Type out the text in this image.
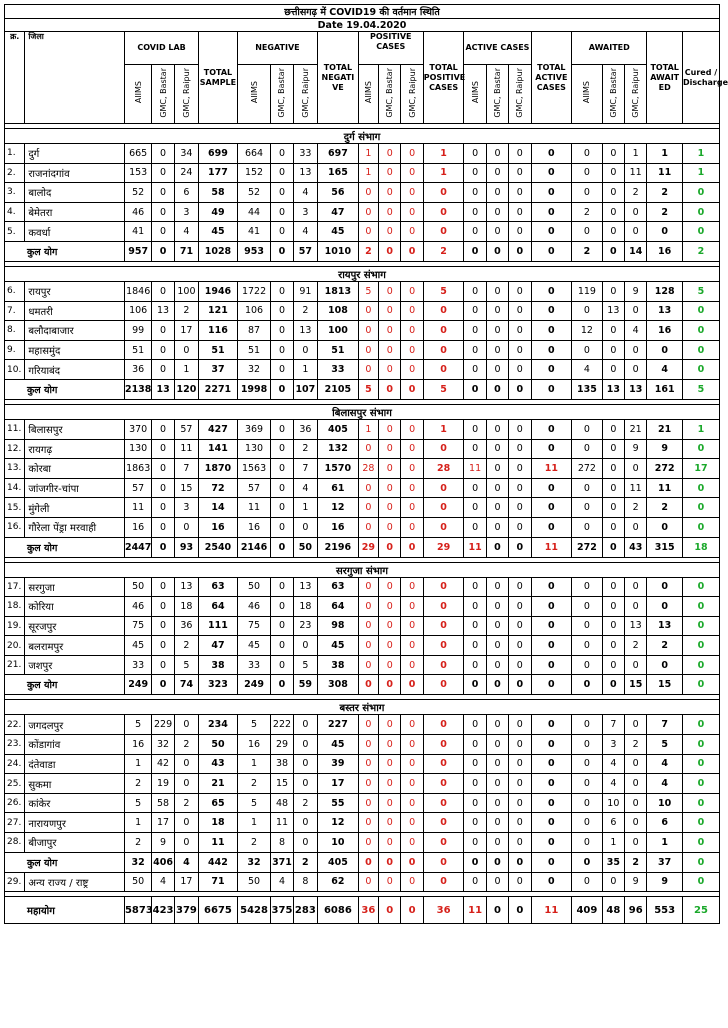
छत्तीसगढ़ में COVID19 की वर्तमान स्थिति																						
Date 19.04.2020																						
क्र.	जिला	COVID LAB			TOTAL SAMPLE	NEGATIVE			TOTAL NEGATI VE	POSITIVE CASES			TOTAL POSITIVE CASES	ACTIVE CASES			TOTAL ACTIVE CASES	AWAITED			TOTAL AWAIT ED	Cured / Discharge
		AIIMS	GMC, Bastar	GMC, Raipur		AIIMS	GMC, Bastar	GMC, Raipur		AIIMS	GMC, Bastar	GMC, Raipur		AIIMS	GMC, Bastar	GMC, Raipur		AIIMS	GMC, Bastar	GMC, Raipur		

दुर्ग संभाग																						
1.	दुर्ग	665	0	34	699	664	0	33	697	1	0	0	1	0	0	0	0	0	0	1	1	1
2.	राजनांदगांव	153	0	24	177	152	0	13	165	1	0	0	1	0	0	0	0	0	0	11	11	1
3.	बालोद	52	0	6	58	52	0	4	56	0	0	0	0	0	0	0	0	0	0	2	2	0
4.	बेमेतरा	46	0	3	49	44	0	3	47	0	0	0	0	0	0	0	0	2	0	0	2	0
5.	कवर्धा	41	0	4	45	41	0	4	45	0	0	0	0	0	0	0	0	0	0	0	0	0
कुल योग		957	0	71	1028	953	0	57	1010	2	0	0	2	0	0	0	0	2	0	14	16	2

रायपुर संभाग																						
6.	रायपुर	1846	0	100	1946	1722	0	91	1813	5	0	0	5	0	0	0	0	119	0	9	128	5
7.	धमतरी	106	13	2	121	106	0	2	108	0	0	0	0	0	0	0	0	0	13	0	13	0
8.	बलौदाबाजार	99	0	17	116	87	0	13	100	0	0	0	0	0	0	0	0	12	0	4	16	0
9.	महासमुंद	51	0	0	51	51	0	0	51	0	0	0	0	0	0	0	0	0	0	0	0	0
10.	गरियाबंद	36	0	1	37	32	0	1	33	0	0	0	0	0	0	0	0	4	0	0	4	0
कुल योग		2138	13	120	2271	1998	0	107	2105	5	0	0	5	0	0	0	0	135	13	13	161	5

बिलासपुर संभाग																						
11.	बिलासपुर	370	0	57	427	369	0	36	405	1	0	0	1	0	0	0	0	0	0	21	21	1
12.	रायगढ़	130	0	11	141	130	0	2	132	0	0	0	0	0	0	0	0	0	0	9	9	0
13.	कोरबा	1863	0	7	1870	1563	0	7	1570	28	0	0	28	11	0	0	11	272	0	0	272	17
14.	जांजगीर-चांपा	57	0	15	72	57	0	4	61	0	0	0	0	0	0	0	0	0	0	11	11	0
15.	मुंगेली	11	0	3	14	11	0	1	12	0	0	0	0	0	0	0	0	0	0	2	2	0
16.	गौरेला पेंड्रा मरवाही	16	0	0	16	16	0	0	16	0	0	0	0	0	0	0	0	0	0	0	0	0
कुल योग		2447	0	93	2540	2146	0	50	2196	29	0	0	29	11	0	0	11	272	0	43	315	18

सरगुजा संभाग																						
17.	सरगुजा	50	0	13	63	50	0	13	63	0	0	0	0	0	0	0	0	0	0	0	0	0
18.	कोरिया	46	0	18	64	46	0	18	64	0	0	0	0	0	0	0	0	0	0	0	0	0
19.	सूरजपुर	75	0	36	111	75	0	23	98	0	0	0	0	0	0	0	0	0	0	13	13	0
20.	बलरामपुर	45	0	2	47	45	0	0	45	0	0	0	0	0	0	0	0	0	0	2	2	0
21.	जशपुर	33	0	5	38	33	0	5	38	0	0	0	0	0	0	0	0	0	0	0	0	0
कुल योग		249	0	74	323	249	0	59	308	0	0	0	0	0	0	0	0	0	0	15	15	0

बस्तर संभाग																						
22.	जगदलपुर	5	229	0	234	5	222	0	227	0	0	0	0	0	0	0	0	0	7	0	7	0
23.	कोंडागांव	16	32	2	50	16	29	0	45	0	0	0	0	0	0	0	0	0	3	2	5	0
24.	दंतेवाडा	1	42	0	43	1	38	0	39	0	0	0	0	0	0	0	0	0	4	0	4	0
25.	सुकमा	2	19	0	21	2	15	0	17	0	0	0	0	0	0	0	0	0	4	0	4	0
26.	कांकेर	5	58	2	65	5	48	2	55	0	0	0	0	0	0	0	0	0	10	0	10	0
27.	नारायणपुर	1	17	0	18	1	11	0	12	0	0	0	0	0	0	0	0	0	6	0	6	0
28.	बीजापुर	2	9	0	11	2	8	0	10	0	0	0	0	0	0	0	0	0	1	0	1	0
कुल योग		32	406	4	442	32	371	2	405	0	0	0	0	0	0	0	0	0	35	2	37	0
29.	अन्य राज्य / राष्ट्र	50	4	17	71	50	4	8	62	0	0	0	0	0	0	0	0	0	0	9	9	0

महायोग		5873	423	379	6675	5428	375	283	6086	36	0	0	36	11	0	0	11	409	48	96	553	25
